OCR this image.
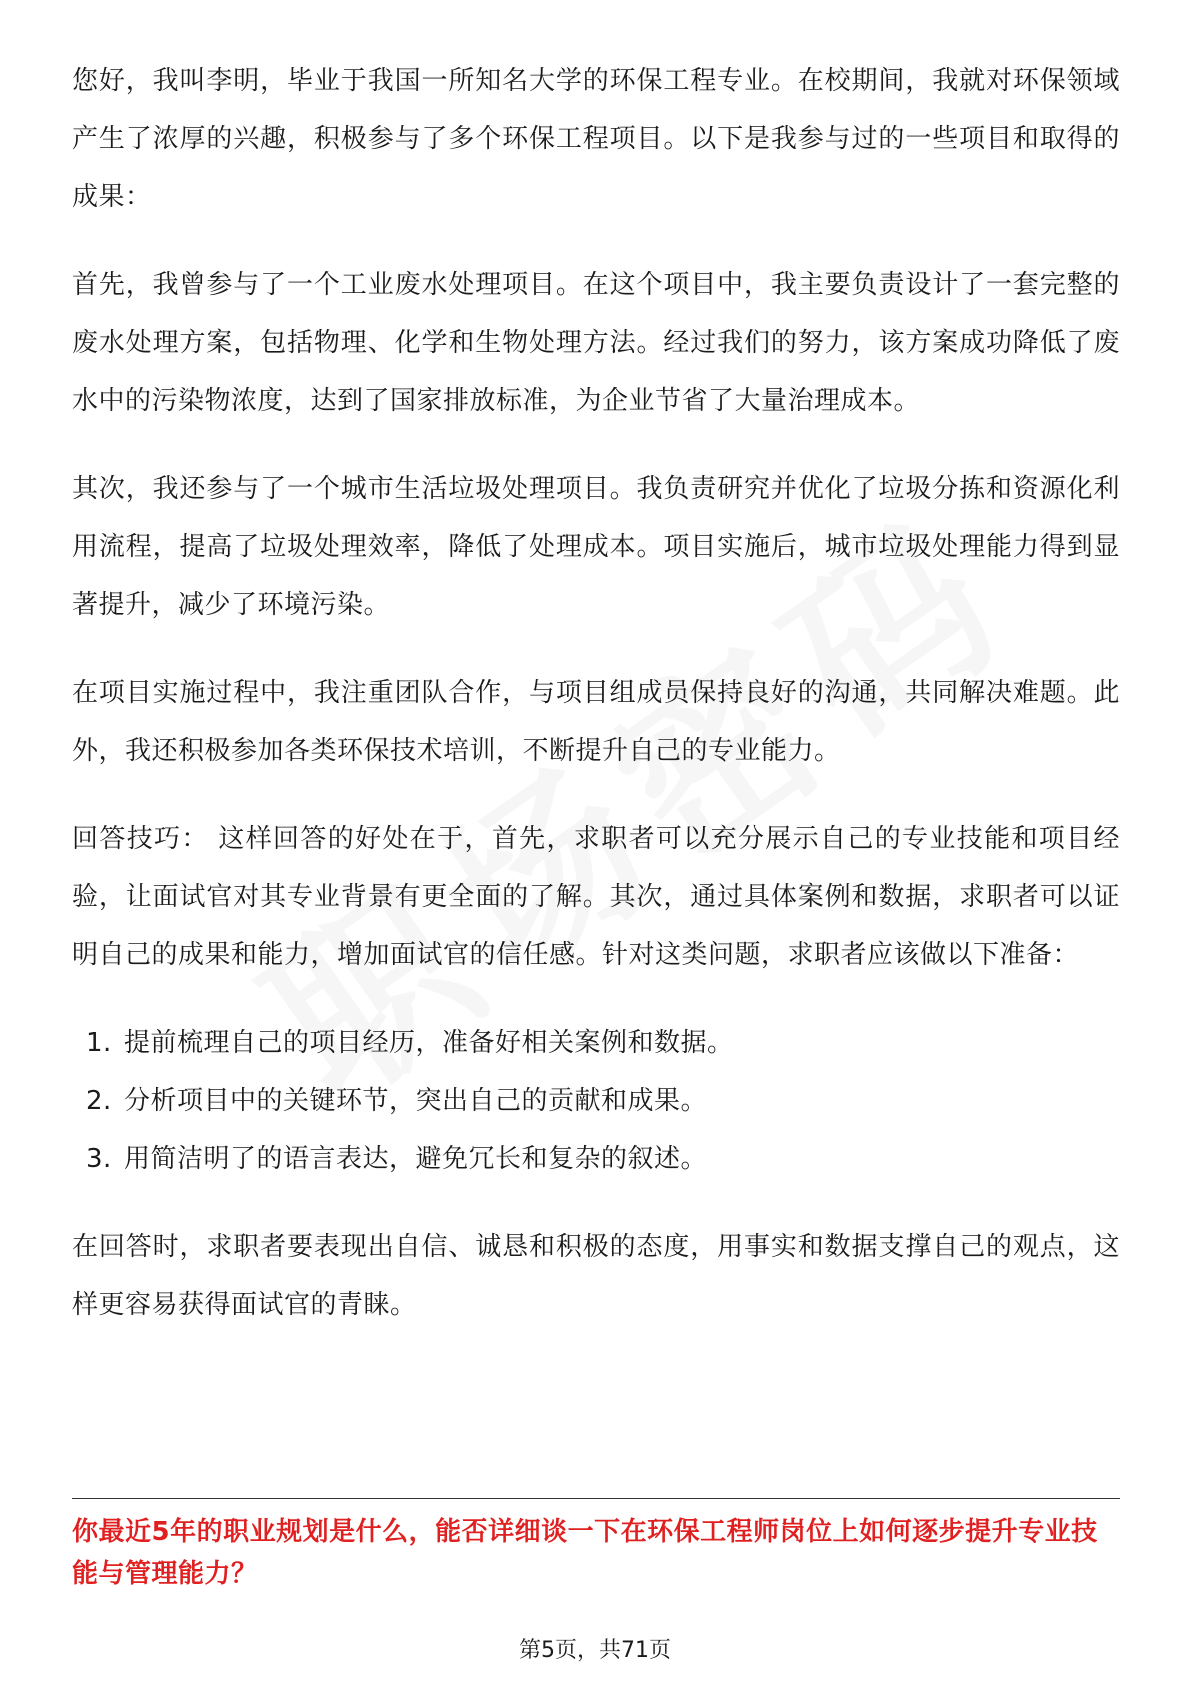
您好，我叫李明，毕业于我国一所知名大学的环保工程专业。在校期间，我就对环保领域产生了浓厚的兴趣，积极参与了多个环保工程项目。以下是我参与过的一些项目和取得的成果：

首先，我曾参与了一个工业废水处理项目。在这个项目中，我主要负责设计了一套完整的废水处理方案，包括物理、化学和生物处理方法。经过我们的努力，该方案成功降低了废水中的污染物浓度，达到了国家排放标准，为企业节省了大量治理成本。

其次，我还参与了一个城市生活垃圾处理项目。我负责研究并优化了垃圾分拣和资源化利用流程，提高了垃圾处理效率，降低了处理成本。项目实施后，城市垃圾处理能力得到显著提升，减少了环境污染。

在项目实施过程中，我注重团队合作，与项目组成员保持良好的沟通，共同解决难题。此外，我还积极参加各类环保技术培训，不断提升自己的专业能力。

回答技巧： 这样回答的好处在于，首先，求职者可以充分展示自己的专业技能和项目经验，让面试官对其专业背景有更全面的了解。其次，通过具体案例和数据，求职者可以证明自己的成果和能力，增加面试官的信任感。针对这类问题，求职者应该做以下准备：

1. 提前梳理自己的项目经历，准备好相关案例和数据。
2. 分析项目中的关键环节，突出自己的贡献和成果。
3. 用简洁明了的语言表达，避免冗长和复杂的叙述。

在回答时，求职者要表现出自信、诚恳和积极的态度，用事实和数据支撑自己的观点，这样更容易获得面试官的青睐。

你最近5年的职业规划是什么，能否详细谈一下在环保工程师岗位上如何逐步提升专业技能与管理能力？

第5页，共71页
